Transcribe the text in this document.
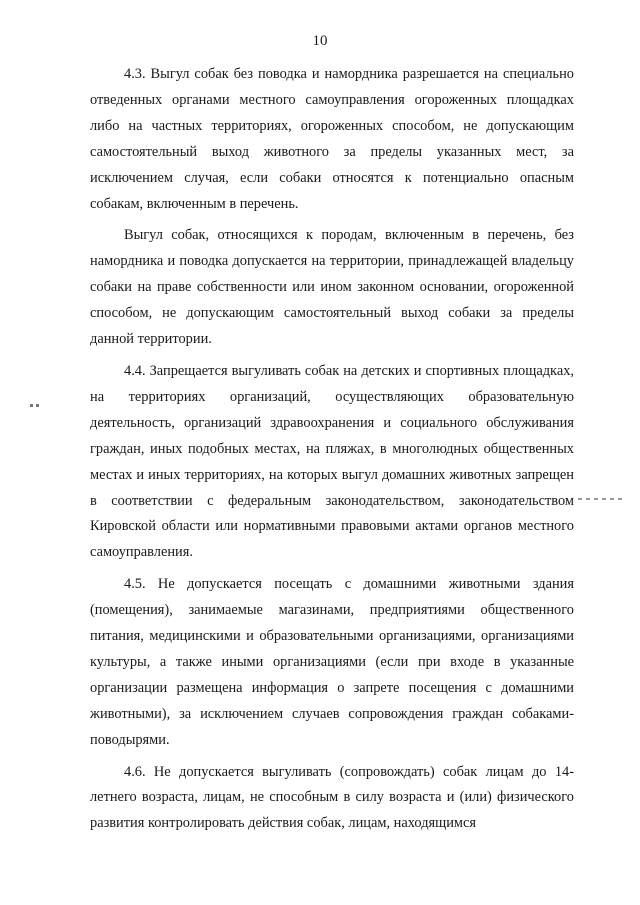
10

4.3. Выгул собак без поводка и намордника разрешается на специально отведенных органами местного самоуправления огороженных площадках либо на частных территориях, огороженных способом, не допускающим самостоятельный выход животного за пределы указанных мест, за исключением случая, если собаки относятся к потенциально опасным собакам, включенным в перечень.

Выгул собак, относящихся к породам, включенным в перечень, без намордника и поводка допускается на территории, принадлежащей владельцу собаки на праве собственности или ином законном основании, огороженной способом, не допускающим самостоятельный выход собаки за пределы данной территории.

4.4. Запрещается выгуливать собак на детских и спортивных площадках, на территориях организаций, осуществляющих образовательную деятельность, организаций здравоохранения и социального обслуживания граждан, иных подобных местах, на пляжах, в многолюдных общественных местах и иных территориях, на которых выгул домашних животных запрещен в соответствии с федеральным законодательством, законодательством Кировской области или нормативными правовыми актами органов местного самоуправления.

4.5. Не допускается посещать с домашними животными здания (помещения), занимаемые магазинами, предприятиями общественного питания, медицинскими и образовательными организациями, организациями культуры, а также иными организациями (если при входе в указанные организации размещена информация о запрете посещения с домашними животными), за исключением случаев сопровождения граждан собаками-поводырями.

4.6. Не допускается выгуливать (сопровождать) собак лицам до 14-летнего возраста, лицам, не способным в силу возраста и (или) физического развития контролировать действия собак, лицам, находящимся
